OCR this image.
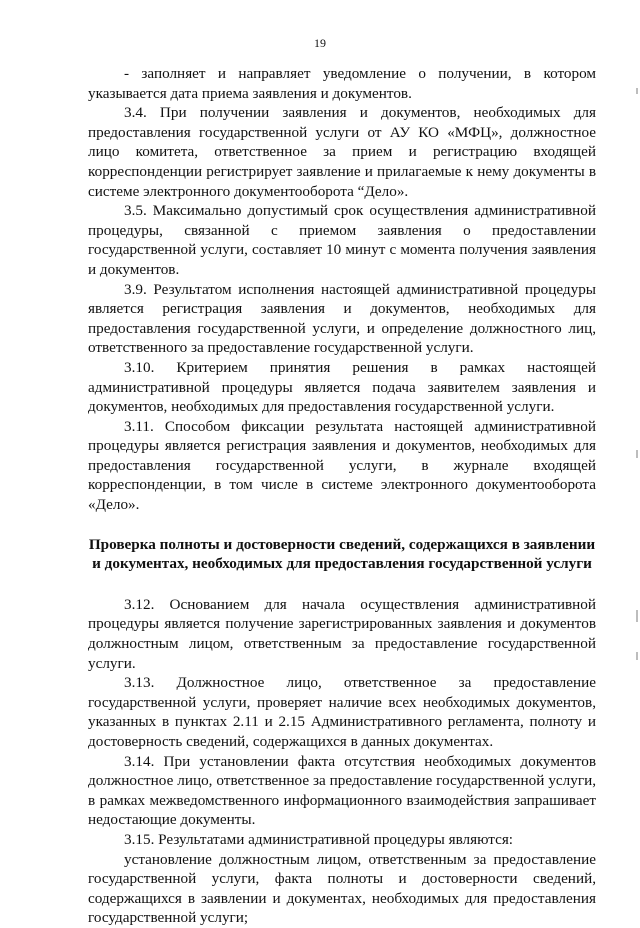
19

- заполняет и направляет уведомление о получении, в котором указывается дата приема заявления и документов.

3.4. При получении заявления и документов, необходимых для предоставления государственной услуги от АУ КО «МФЦ», должностное лицо комитета, ответственное за прием и регистрацию входящей корреспонденции регистрирует заявление и прилагаемые к нему документы в системе электронного документооборота “Дело».

3.5. Максимально допустимый срок осуществления административной процедуры, связанной с приемом заявления о предоставлении государственной услуги, составляет 10 минут с момента получения заявления и документов.

3.9. Результатом исполнения настоящей административной процедуры является регистрация заявления и документов, необходимых для предоставления государственной услуги, и определение должностного лиц, ответственного за предоставление государственной услуги.

3.10. Критерием принятия решения в рамках настоящей административной процедуры является подача заявителем заявления и документов, необходимых для предоставления государственной услуги.

3.11. Способом фиксации результата настоящей административной процедуры является регистрация заявления и документов, необходимых для предоставления государственной услуги, в журнале входящей корреспонденции, в том числе в системе электронного документооборота «Дело».

Проверка полноты и достоверности сведений, содержащихся в заявлении и документах, необходимых для предоставления государственной услуги

3.12. Основанием для начала осуществления административной процедуры является получение зарегистрированных заявления и документов должностным лицом, ответственным за предоставление государственной услуги.

3.13. Должностное лицо, ответственное за предоставление государственной услуги, проверяет наличие всех необходимых документов, указанных в пунктах 2.11 и 2.15 Административного регламента, полноту и достоверность сведений, содержащихся в данных документах.

3.14. При установлении факта отсутствия необходимых документов должностное лицо, ответственное за предоставление государственной услуги, в рамках межведомственного информационного взаимодействия запрашивает недостающие документы.

3.15. Результатами административной процедуры являются:

установление должностным лицом, ответственным за предоставление государственной услуги, факта полноты и достоверности сведений, содержащихся в заявлении и документах, необходимых для предоставления государственной услуги;
